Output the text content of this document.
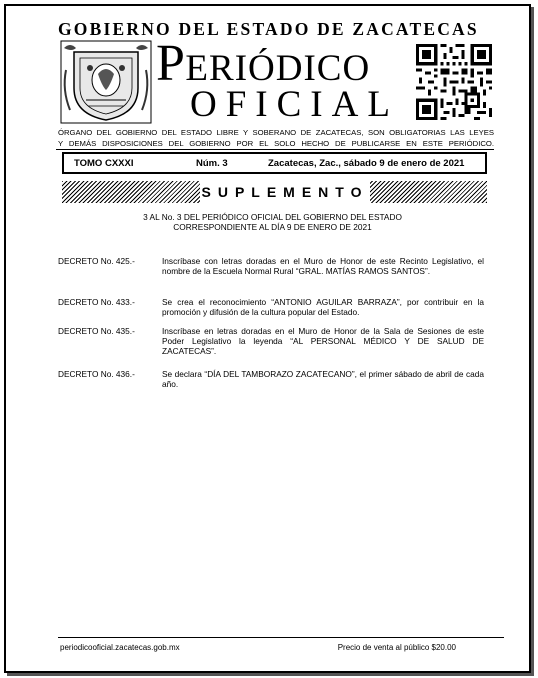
GOBIERNO DEL ESTADO DE ZACATECAS
PERIÓDICO
OFICIAL
ÓRGANO DEL GOBIERNO DEL ESTADO LIBRE Y SOBERANO DE ZACATECAS, SON OBLIGATORIAS LAS LEYES
Y DEMÁS DISPOSICIONES DEL GOBIERNO POR EL SOLO HECHO DE PUBLICARSE EN ESTE PERIÓDICO.
TOMO CXXXI	Núm. 3	Zacatecas, Zac., sábado 9 de enero de 2021
SUPLEMENTO
3 AL No. 3 DEL PERIÓDICO OFICIAL DEL GOBIERNO DEL ESTADO
CORRESPONDIENTE AL DÍA 9 DE ENERO DE 2021
DECRETO No. 425.-	Inscríbase con letras doradas en el Muro de Honor de este Recinto Legislativo, el nombre de la Escuela Normal Rural “GRAL. MATÍAS RAMOS SANTOS”.
DECRETO No. 433.-	Se crea el reconocimiento “ANTONIO AGUILAR BARRAZA”, por contribuir en la promoción y difusión de la cultura popular del Estado.
DECRETO No. 435.-	Inscríbase en letras doradas en el Muro de Honor de la Sala de Sesiones de este Poder Legislativo la leyenda “AL PERSONAL MÉDICO Y DE SALUD DE ZACATECAS”.
DECRETO No. 436.-	Se declara “DÍA DEL TAMBORAZO ZACATECANO”, el primer sábado de abril de cada año.
periodicooficial.zacatecas.gob.mx	Precio de venta al público $20.00
